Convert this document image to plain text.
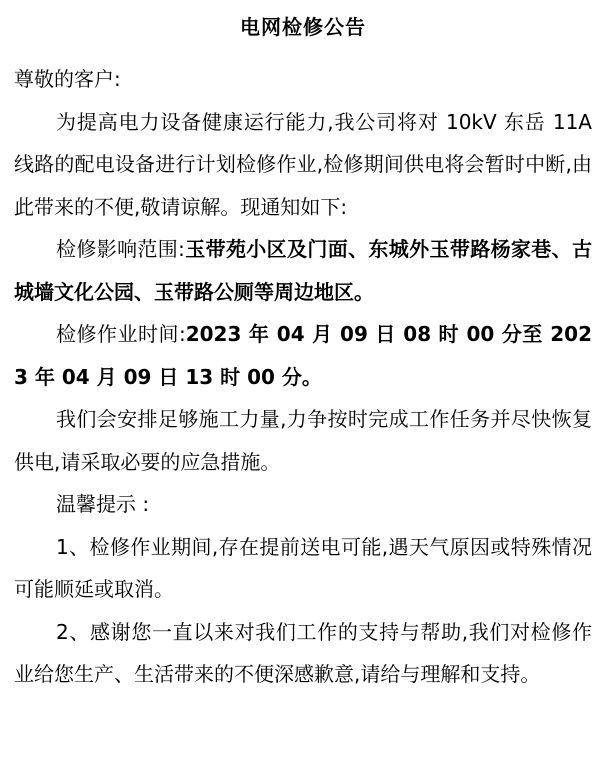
电网检修公告

尊敬的客户:

为提高电力设备健康运行能力,我公司将对 10kV 东岳 11A 线路的配电设备进行计划检修作业,检修期间供电将会暂时中断,由此带来的不便,敬请谅解。现通知如下:

检修影响范围:玉带苑小区及门面、东城外玉带路杨家巷、古城墙文化公园、玉带路公厕等周边地区。

检修作业时间:2023 年 04 月 09 日 08 时 00 分至 2023 年 04 月 09 日 13 时 00 分。

我们会安排足够施工力量,力争按时完成工作任务并尽快恢复供电,请采取必要的应急措施。

温馨提示 :

1、检修作业期间,存在提前送电可能,遇天气原因或特殊情况可能顺延或取消。

2、感谢您一直以来对我们工作的支持与帮助,我们对检修作业给您生产、生活带来的不便深感歉意,请给与理解和支持。
